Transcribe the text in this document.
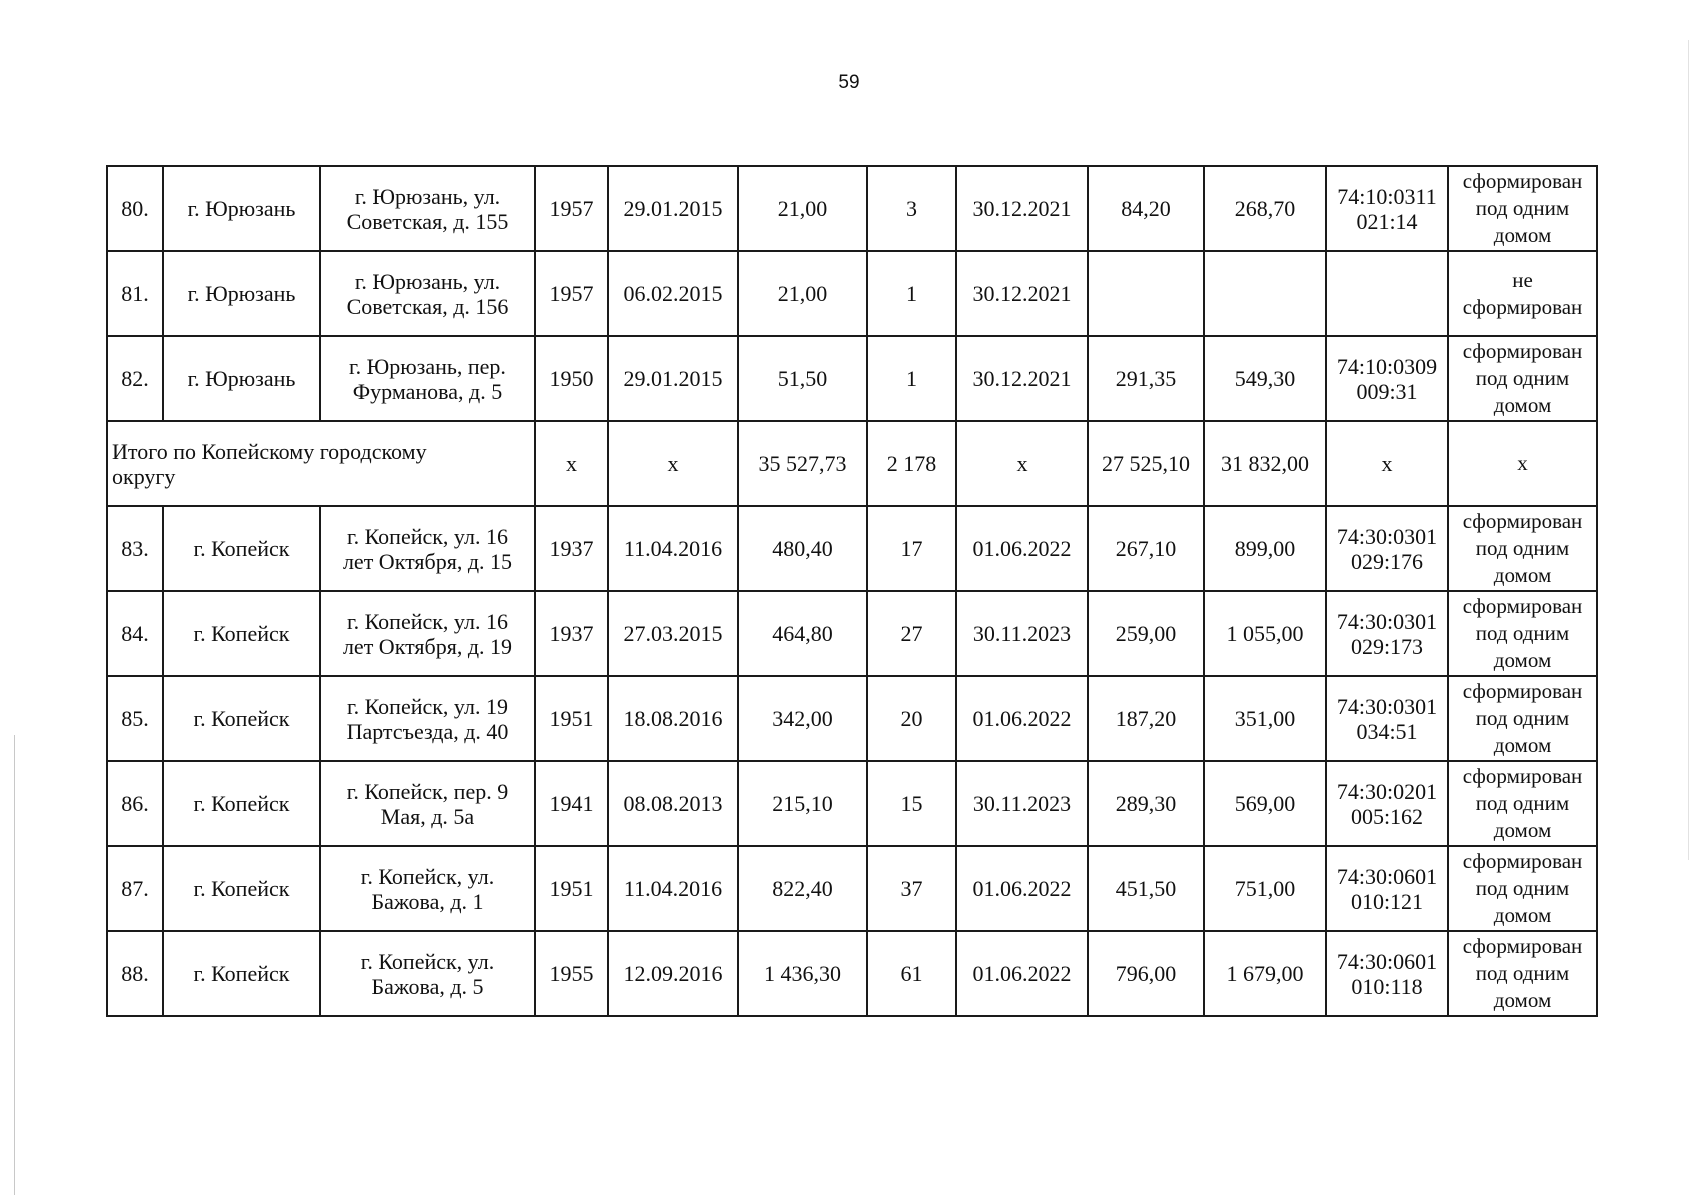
59
80.	г. Юрюзань	г. Юрюзань, ул.
Советская, д. 155	1957	29.01.2015	21,00	3	30.12.2021	84,20	268,70	74:10:0311
021:14	сформирован
под одним
домом
81.	г. Юрюзань	г. Юрюзань, ул.
Советская, д. 156	1957	06.02.2015	21,00	1	30.12.2021				не
сформирован
82.	г. Юрюзань	г. Юрюзань, пер.
Фурманова, д. 5	1950	29.01.2015	51,50	1	30.12.2021	291,35	549,30	74:10:0309
009:31	сформирован
под одним
домом
Итого по Копейскому городскому
округу			х	х	35 527,73	2 178	х	27 525,10	31 832,00	х	х
83.	г. Копейск	г. Копейск, ул. 16
лет Октября, д. 15	1937	11.04.2016	480,40	17	01.06.2022	267,10	899,00	74:30:0301
029:176	сформирован
под одним
домом
84.	г. Копейск	г. Копейск, ул. 16
лет Октября, д. 19	1937	27.03.2015	464,80	27	30.11.2023	259,00	1 055,00	74:30:0301
029:173	сформирован
под одним
домом
85.	г. Копейск	г. Копейск, ул. 19
Партсъезда, д. 40	1951	18.08.2016	342,00	20	01.06.2022	187,20	351,00	74:30:0301
034:51	сформирован
под одним
домом
86.	г. Копейск	г. Копейск, пер. 9
Мая, д. 5а	1941	08.08.2013	215,10	15	30.11.2023	289,30	569,00	74:30:0201
005:162	сформирован
под одним
домом
87.	г. Копейск	г. Копейск, ул.
Бажова, д. 1	1951	11.04.2016	822,40	37	01.06.2022	451,50	751,00	74:30:0601
010:121	сформирован
под одним
домом
88.	г. Копейск	г. Копейск, ул.
Бажова, д. 5	1955	12.09.2016	1 436,30	61	01.06.2022	796,00	1 679,00	74:30:0601
010:118	сформирован
под одним
домом
